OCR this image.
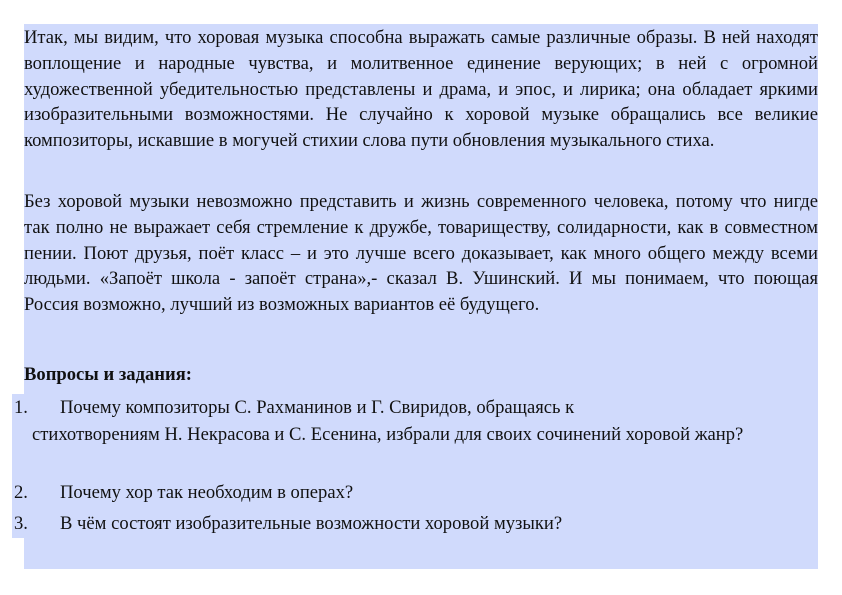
Итак, мы видим, что хоровая музыка способна выражать самые различные образы. В ней находят воплощение и народные чувства, и молитвенное единение верующих; в ней с огромной художественной убедительностью представлены и драма, и эпос, и лирика; она обладает яркими изобразительными возможностями. Не случайно к хоровой музыке обращались все великие композиторы, искавшие в могучей стихии слова пути обновления музыкального стиха.

Без хоровой музыки невозможно представить и жизнь современного человека, потому что нигде так полно не выражает себя стремление к дружбе, товариществу, солидарности, как в совместном пении. Поют друзья, поёт класс – и это лучше всего доказывает, как много общего между всеми людьми. «Запоёт школа - запоёт страна»,- сказал В. Ушинский. И мы понимаем, что поющая Россия возможно, лучший из возможных вариантов её будущего.

Вопросы и задания:
1.	Почему композиторы С. Рахманинов и Г. Свиридов, обращаясь к
стихотворениям Н. Некрасова и С. Есенина, избрали для своих сочинений хоровой жанр?
2.	Почему хор так необходим в операх?
3.	В чём состоят изобразительные возможности хоровой музыки?
